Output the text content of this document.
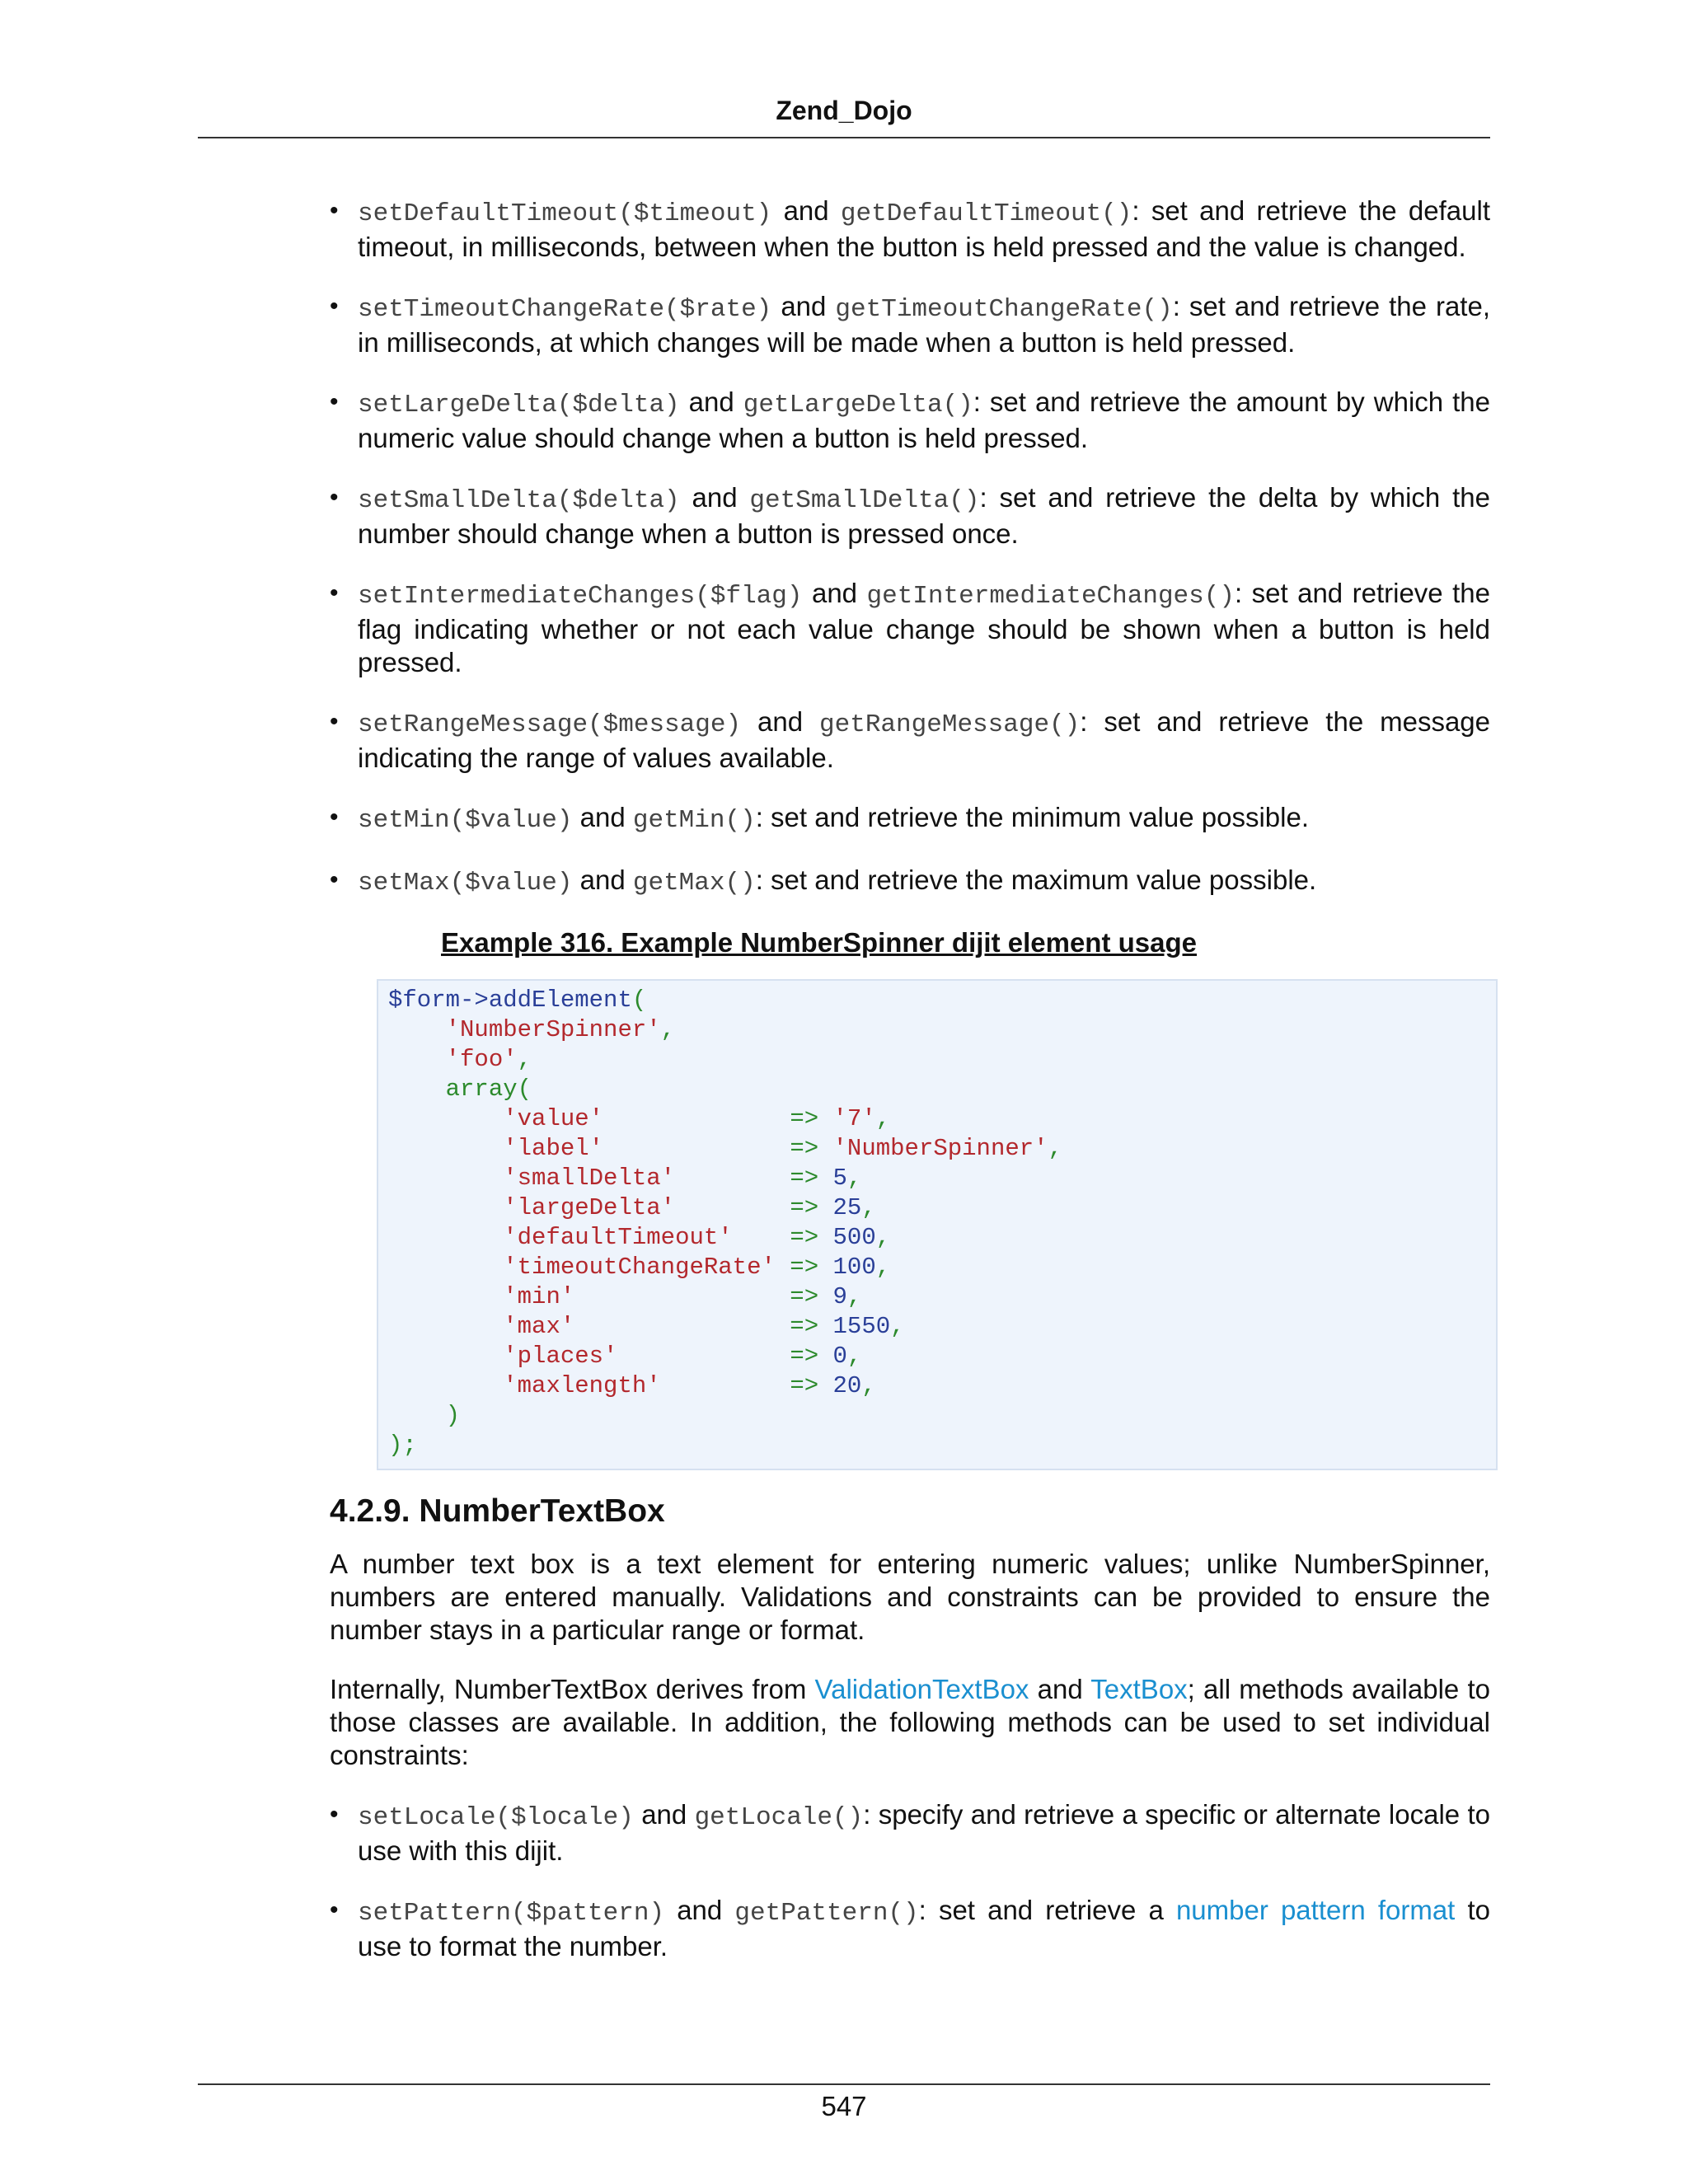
Zend_Dojo
• setDefaultTimeout($timeout) and getDefaultTimeout(): set and retrieve the default timeout, in milliseconds, between when the button is held pressed and the value is changed.
• setTimeoutChangeRate($rate) and getTimeoutChangeRate(): set and retrieve the rate, in milliseconds, at which changes will be made when a button is held pressed.
• setLargeDelta($delta) and getLargeDelta(): set and retrieve the amount by which the numeric value should change when a button is held pressed.
• setSmallDelta($delta) and getSmallDelta(): set and retrieve the delta by which the number should change when a button is pressed once.
• setIntermediateChanges($flag) and getIntermediateChanges(): set and retrieve the flag indicating whether or not each value change should be shown when a button is held pressed.
• setRangeMessage($message) and getRangeMessage(): set and retrieve the message indicating the range of values available.
• setMin($value) and getMin(): set and retrieve the minimum value possible.
• setMax($value) and getMax(): set and retrieve the maximum value possible.
Example 316. Example NumberSpinner dijit element usage
$form->addElement(
'NumberSpinner',
'foo',
array(
'value'	=> '7',
'label'	=> 'NumberSpinner',
'smallDelta'	=> 5,
'largeDelta'	=> 25,
'defaultTimeout' => 500,
'timeoutChangeRate' => 100,
'min'	=> 9,
'max'	=> 1550,
'places'	=> 0,
'maxlength'	=> 20,
)
);
4.2.9. NumberTextBox

A number text box is a text element for entering numeric values; unlike NumberSpinner, numbers are entered manually. Validations and constraints can be provided to ensure the number stays in a particular range or format.

Internally, NumberTextBox derives from ValidationTextBox and TextBox; all methods available to those classes are available. In addition, the following methods can be used to set individual constraints:

• setLocale($locale) and getLocale(): specify and retrieve a specific or alternate locale to use with this dijit.
• setPattern($pattern) and getPattern(): set and retrieve a number pattern format to use to format the number.
547
